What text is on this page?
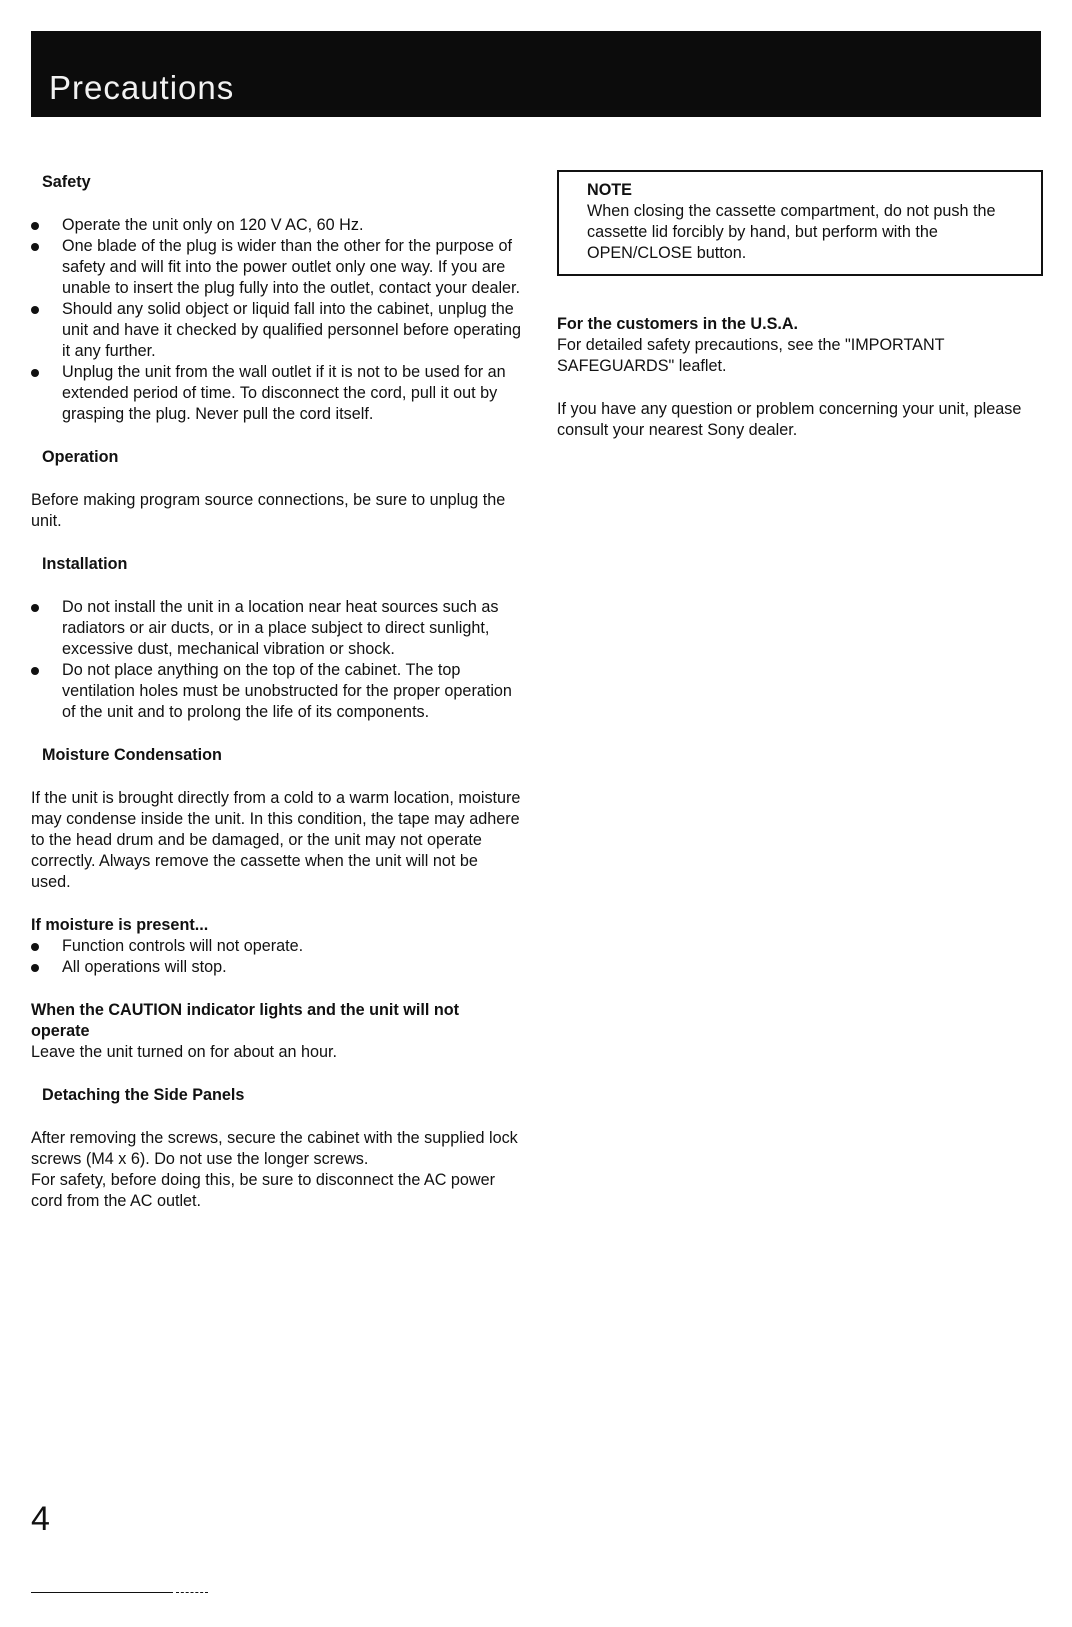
Precautions
Safety
Operate the unit only on 120 V AC, 60 Hz.
One blade of the plug is wider than the other for the purpose of safety and will fit into the power outlet only one way. If you are unable to insert the plug fully into the outlet, contact your dealer.
Should any solid object or liquid fall into the cabinet, unplug the unit and have it checked by qualified personnel before operating it any further.
Unplug the unit from the wall outlet if it is not to be used for an extended period of time. To disconnect the cord, pull it out by grasping the plug. Never pull the cord itself.
Operation

Before making program source connections, be sure to unplug the unit.

Installation
Do not install the unit in a location near heat sources such as radiators or air ducts, or in a place subject to direct sunlight, excessive dust, mechanical vibration or shock.
Do not place anything on the top of the cabinet. The top ventilation holes must be unobstructed for the proper operation of the unit and to prolong the life of its components.
Moisture Condensation

If the unit is brought directly from a cold to a warm location, moisture may condense inside the unit. In this condition, the tape may adhere to the head drum and be damaged, or the unit may not operate correctly. Always remove the cassette when the unit will not be used.

If moisture is present...
Function controls will not operate.
All operations will stop.
When the CAUTION indicator lights and the unit will not operate

Leave the unit turned on for about an hour.

Detaching the Side Panels

After removing the screws, secure the cabinet with the supplied lock screws (M4 x 6). Do not use the longer screws.

For safety, before doing this, be sure to disconnect the AC power cord from the AC outlet.

NOTE
When closing the cassette compartment, do not push the cassette lid forcibly by hand, but perform with the OPEN/CLOSE button.
For the customers in the U.S.A.

For detailed safety precautions, see the "IMPORTANT SAFEGUARDS" leaflet.

If you have any question or problem concerning your unit, please consult your nearest Sony dealer.

4
